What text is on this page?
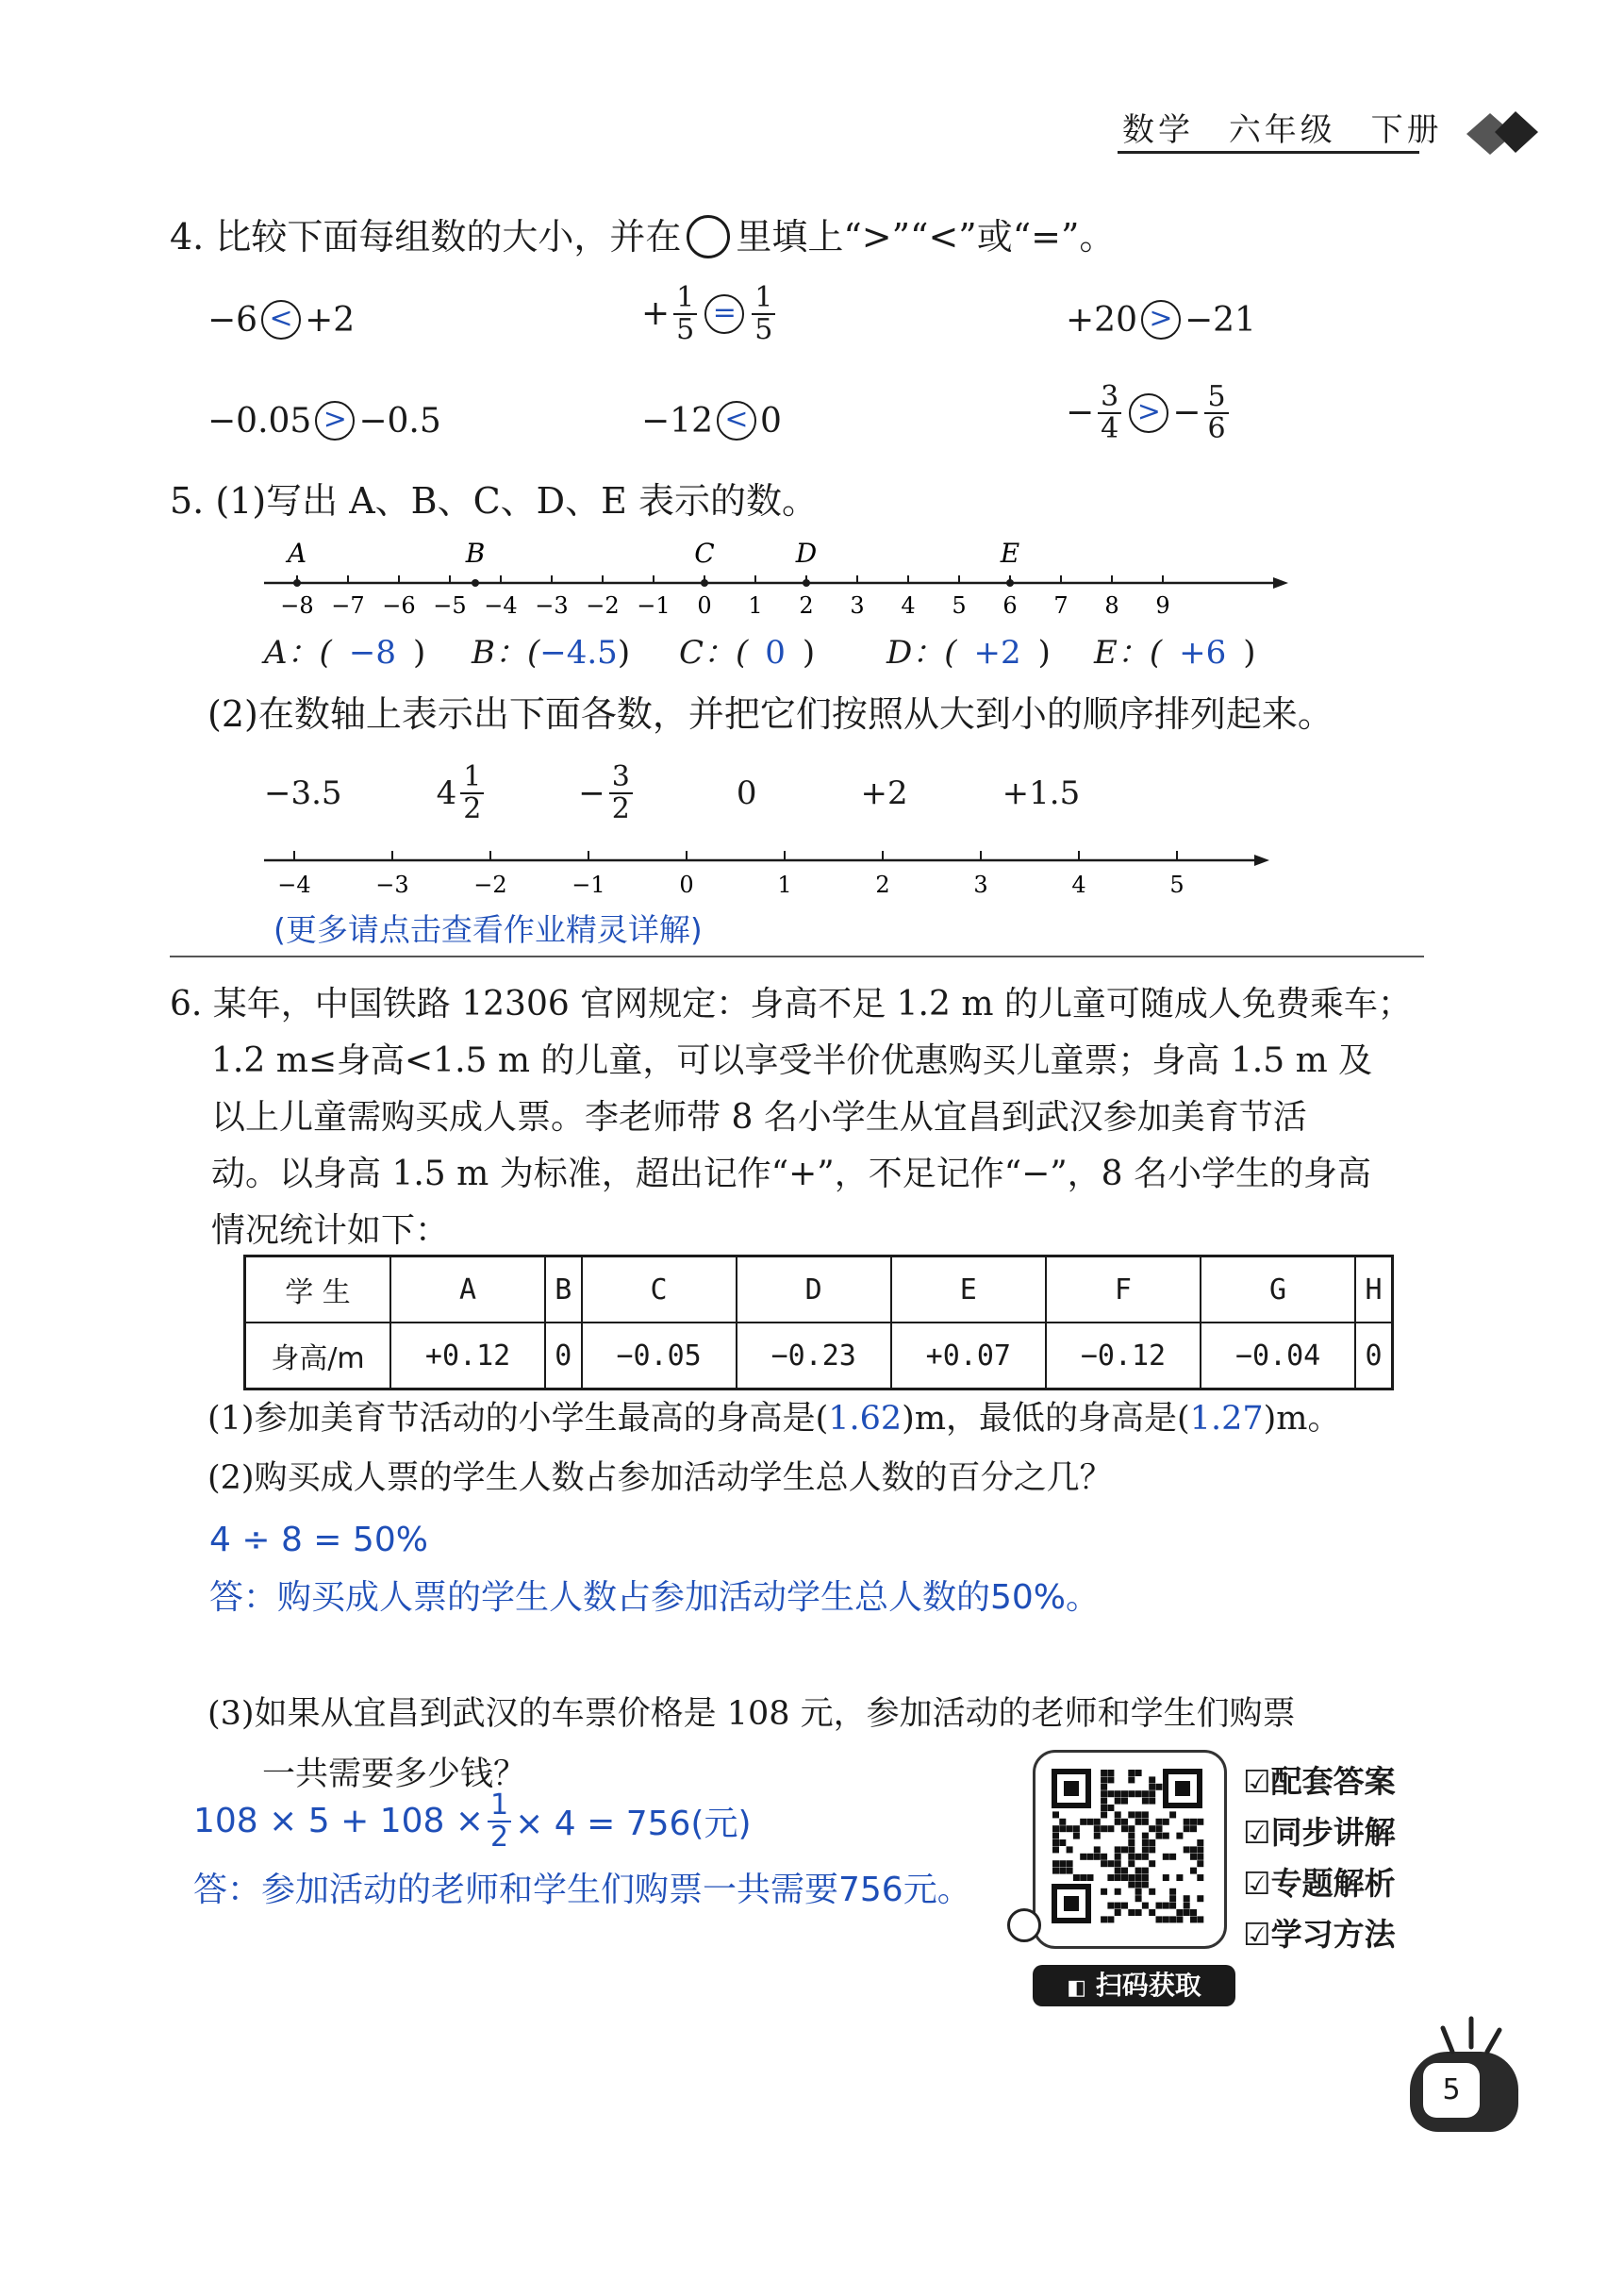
数学 六年级 下册
4. 比较下面每组数的大小，并在 里填上“>”“<”或“=”。
−6 < +2	+ $\frac{1}{5} = \frac{1}{5}$	+20 > −21
−0.05 > −0.5	−12 < 0	− $\frac{3}{4}$ > − $\frac{5}{6}$
5. (1)写出 A、B、C、D、E 表示的数。
−8 −7 −6 −5 −4 −3 −2 −1 0 1 2 3 4 5 6 7 8 9
A	B	C	D	E
A：( −8 )	B：(−4.5)	C：( 0 )	D：( +2 )	E：( +6 )
(2)在数轴上表示出下面各数，并把它们按照从大到小的顺序排列起来。
−3.5	$4 \frac{1}{2}$	− $\frac{3}{2}$	0	+2	+1.5
−4	−3	−2	−1	0	1	2	3	4	5
(更多请点击查看作业精灵详解)
6. 某年，中国铁路 12306 官网规定：身高不足 1.2 m 的儿童可随成人免费乘车；
1.2 m≤身高<1.5 m 的儿童，可以享受半价优惠购买儿童票；身高 1.5 m 及
以上儿童需购买成人票。李老师带 8 名小学生从宜昌到武汉参加美育节活
动。以身高 1.5 m 为标准，超出记作“+”，不足记作“−”，8 名小学生的身高
情况统计如下：
学 生	A	B	C	D	E	F	G	H
身高/m	+0.12	0	−0.05	−0.23	+0.07	−0.12	−0.04	0
(1)参加美育节活动的小学生最高的身高是(1.62)m，最低的身高是(1.27)m。
(2)购买成人票的学生人数占参加活动学生总人数的百分之几？
4 ÷ 8 = 50%
答：购买成人票的学生人数占参加活动学生总人数的50%。
(3)如果从宜昌到武汉的车票价格是 108 元，参加活动的老师和学生们购票
一共需要多少钱？
$108 \times 5 + 108 \times \frac{1}{2} \times 4 = 756$(元)
答：参加活动的老师和学生们购票一共需要756元。
☑配套答案
☑同步讲解
☑专题解析
☑学习方法
◧ 扫码获取
5
